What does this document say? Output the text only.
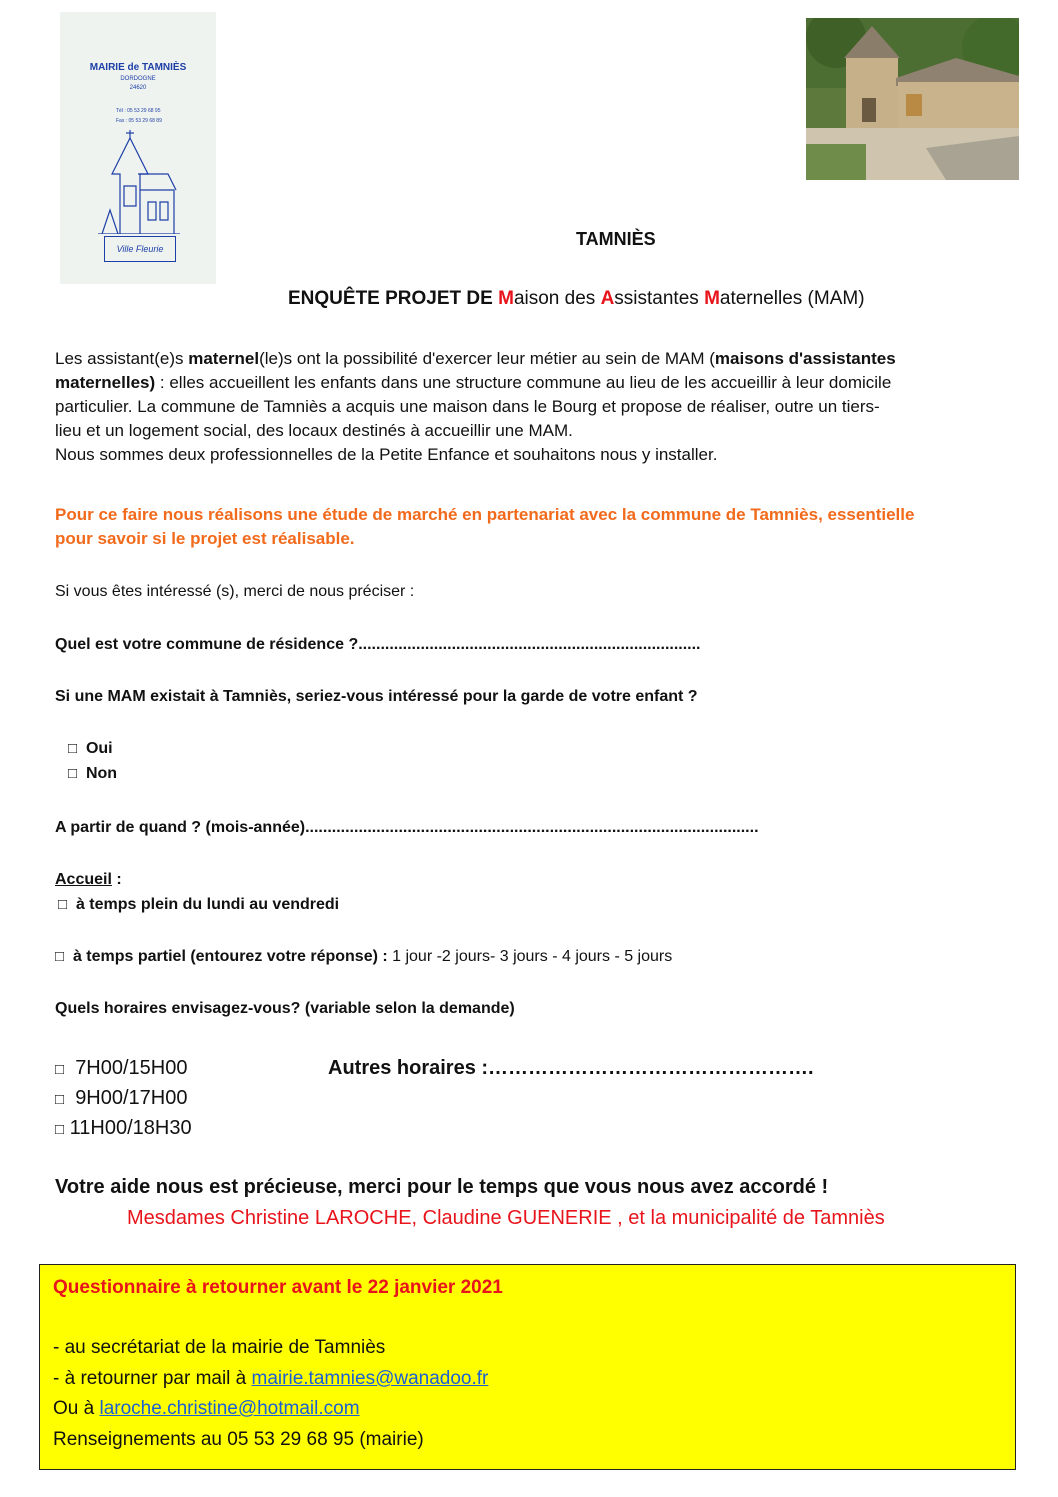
MAIRIE de TAMNIÈS
DORDOGNE
24620
Tél : 05 53 29 68 95
Fax : 05 53 29 68 89
Ville Fleurie	TAMNIÈS
ENQUÊTE PROJET DE Maison des Assistantes Maternelles (MAM)
Les assistant(e)s maternel(le)s ont la possibilité d'exercer leur métier au sein de MAM (maisons d'assistantes
maternelles) : elles accueillent les enfants dans une structure commune au lieu de les accueillir à leur domicile
particulier. La commune de Tamniès a acquis une maison dans le Bourg et propose de réaliser, outre un tiers-
lieu et un logement social, des locaux destinés à accueillir une MAM.
Nous sommes deux professionnelles de la Petite Enfance et souhaitons nous y installer.
Pour ce faire nous réalisons une étude de marché en partenariat avec la commune de Tamniès, essentielle
pour savoir si le projet est réalisable.
Si vous êtes intéressé (s), merci de nous préciser :
Quel est votre commune de résidence ?.............................................................................
Si une MAM existait à Tamniès, seriez-vous intéressé pour la garde de votre enfant ?
□ Oui
□ Non
A partir de quand ? (mois-année)......................................................................................................
Accueil :
□ à temps plein du lundi au vendredi
□ à temps partiel (entourez votre réponse) : 1 jour -2 jours- 3 jours - 4 jours - 5 jours
Quels horaires envisagez-vous? (variable selon la demande)
□ 7H00/15H00
□ 9H00/17H00
□ 11H00/18H30
Autres horaires :………………………………………….
Votre aide nous est précieuse, merci pour le temps que vous nous avez accordé !
Mesdames Christine LAROCHE, Claudine GUENERIE , et la municipalité de Tamniès
Questionnaire à retourner avant le 22 janvier 2021
- au secrétariat de la mairie de Tamniès
- à retourner par mail à mairie.tamnies@wanadoo.fr
Ou à laroche.christine@hotmail.com
Renseignements au 05 53 29 68 95 (mairie)
